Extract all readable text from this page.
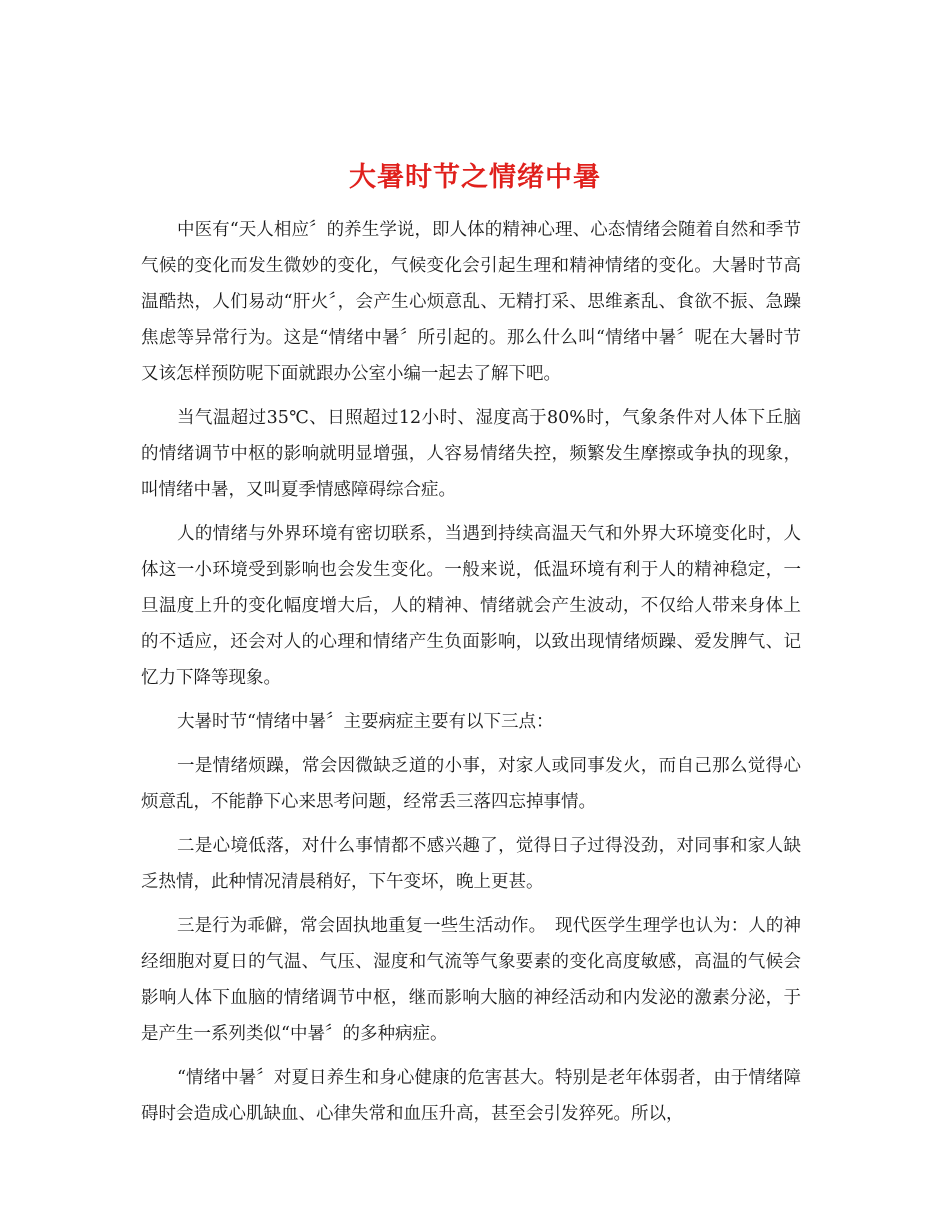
大暑时节之情绪中暑

中医有“天人相应〞的养生学说，即人体的精神心理、心态情绪会随着自然和季节气候的变化而发生微妙的变化，气候变化会引起生理和精神情绪的变化。大暑时节高温酷热，人们易动“肝火〞，会产生心烦意乱、无精打采、思维紊乱、食欲不振、急躁焦虑等异常行为。这是“情绪中暑〞所引起的。那么什么叫“情绪中暑〞呢在大暑时节又该怎样预防呢下面就跟办公室小编一起去了解下吧。

当气温超过35℃、日照超过12小时、湿度高于80%时，气象条件对人体下丘脑的情绪调节中枢的影响就明显增强，人容易情绪失控，频繁发生摩擦或争执的现象，叫情绪中暑，又叫夏季情感障碍综合症。

人的情绪与外界环境有密切联系，当遇到持续高温天气和外界大环境变化时，人体这一小环境受到影响也会发生变化。一般来说，低温环境有利于人的精神稳定，一旦温度上升的变化幅度增大后，人的精神、情绪就会产生波动，不仅给人带来身体上的不适应，还会对人的心理和情绪产生负面影响，以致出现情绪烦躁、爱发脾气、记忆力下降等现象。

大暑时节“情绪中暑〞主要病症主要有以下三点：

一是情绪烦躁，常会因微缺乏道的小事，对家人或同事发火，而自己那么觉得心烦意乱，不能静下心来思考问题，经常丢三落四忘掉事情。

二是心境低落，对什么事情都不感兴趣了，觉得日子过得没劲，对同事和家人缺乏热情，此种情况清晨稍好，下午变坏，晚上更甚。

三是行为乖僻，常会固执地重复一些生活动作。　现代医学生理学也认为：人的神经细胞对夏日的气温、气压、湿度和气流等气象要素的变化高度敏感，高温的气候会影响人体下血脑的情绪调节中枢，继而影响大脑的神经活动和内发泌的激素分泌，于是产生一系列类似“中暑〞的多种病症。

“情绪中暑〞对夏日养生和身心健康的危害甚大。特别是老年体弱者，由于情绪障碍时会造成心肌缺血、心律失常和血压升高，甚至会引发猝死。所以，
